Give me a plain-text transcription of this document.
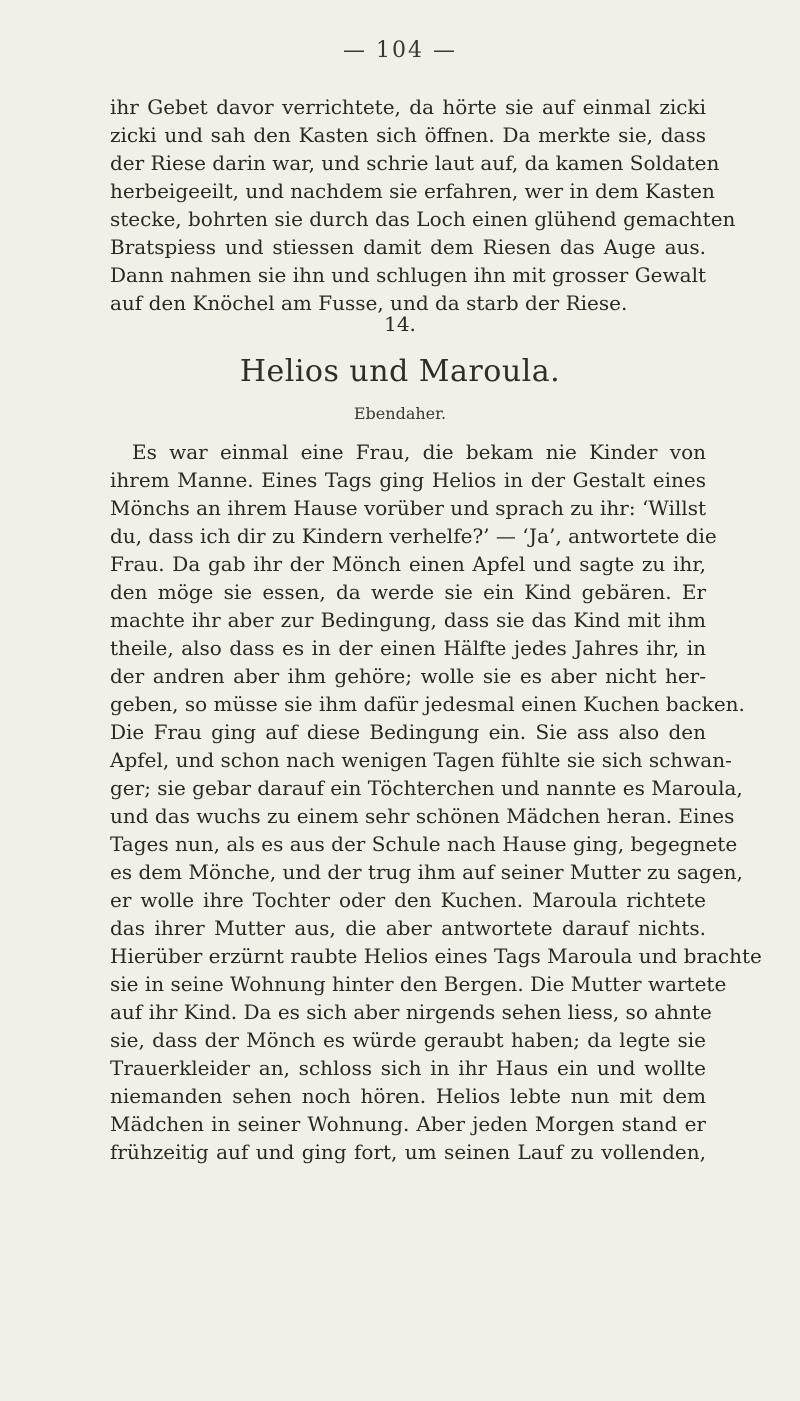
— 104 —
ihr Gebet davor verrichtete, da hörte sie auf einmal zicki
zicki und sah den Kasten sich öffnen. Da merkte sie, dass
der Riese darin war, und schrie laut auf, da kamen Soldaten
herbeigeeilt, und nachdem sie erfahren, wer in dem Kasten
stecke, bohrten sie durch das Loch einen glühend gemachten
Bratspiess und stiessen damit dem Riesen das Auge aus.
Dann nahmen sie ihn und schlugen ihn mit grosser Gewalt
auf den Knöchel am Fusse, und da starb der Riese.
14.
Helios und Maroula.
Ebendaher.
Es war einmal eine Frau, die bekam nie Kinder von
ihrem Manne. Eines Tags ging Helios in der Gestalt eines
Mönchs an ihrem Hause vorüber und sprach zu ihr: ‘Willst
du, dass ich dir zu Kindern verhelfe?’ — ‘Ja’, antwortete die
Frau. Da gab ihr der Mönch einen Apfel und sagte zu ihr,
den möge sie essen, da werde sie ein Kind gebären. Er
machte ihr aber zur Bedingung, dass sie das Kind mit ihm
theile, also dass es in der einen Hälfte jedes Jahres ihr, in
der andren aber ihm gehöre; wolle sie es aber nicht her-
geben, so müsse sie ihm dafür jedesmal einen Kuchen backen.
Die Frau ging auf diese Bedingung ein. Sie ass also den
Apfel, und schon nach wenigen Tagen fühlte sie sich schwan-
ger; sie gebar darauf ein Töchterchen und nannte es Maroula,
und das wuchs zu einem sehr schönen Mädchen heran. Eines
Tages nun, als es aus der Schule nach Hause ging, begegnete
es dem Mönche, und der trug ihm auf seiner Mutter zu sagen,
er wolle ihre Tochter oder den Kuchen. Maroula richtete
das ihrer Mutter aus, die aber antwortete darauf nichts.
Hierüber erzürnt raubte Helios eines Tags Maroula und brachte
sie in seine Wohnung hinter den Bergen. Die Mutter wartete
auf ihr Kind. Da es sich aber nirgends sehen liess, so ahnte
sie, dass der Mönch es würde geraubt haben; da legte sie
Trauerkleider an, schloss sich in ihr Haus ein und wollte
niemanden sehen noch hören. Helios lebte nun mit dem
Mädchen in seiner Wohnung. Aber jeden Morgen stand er
frühzeitig auf und ging fort, um seinen Lauf zu vollenden,
